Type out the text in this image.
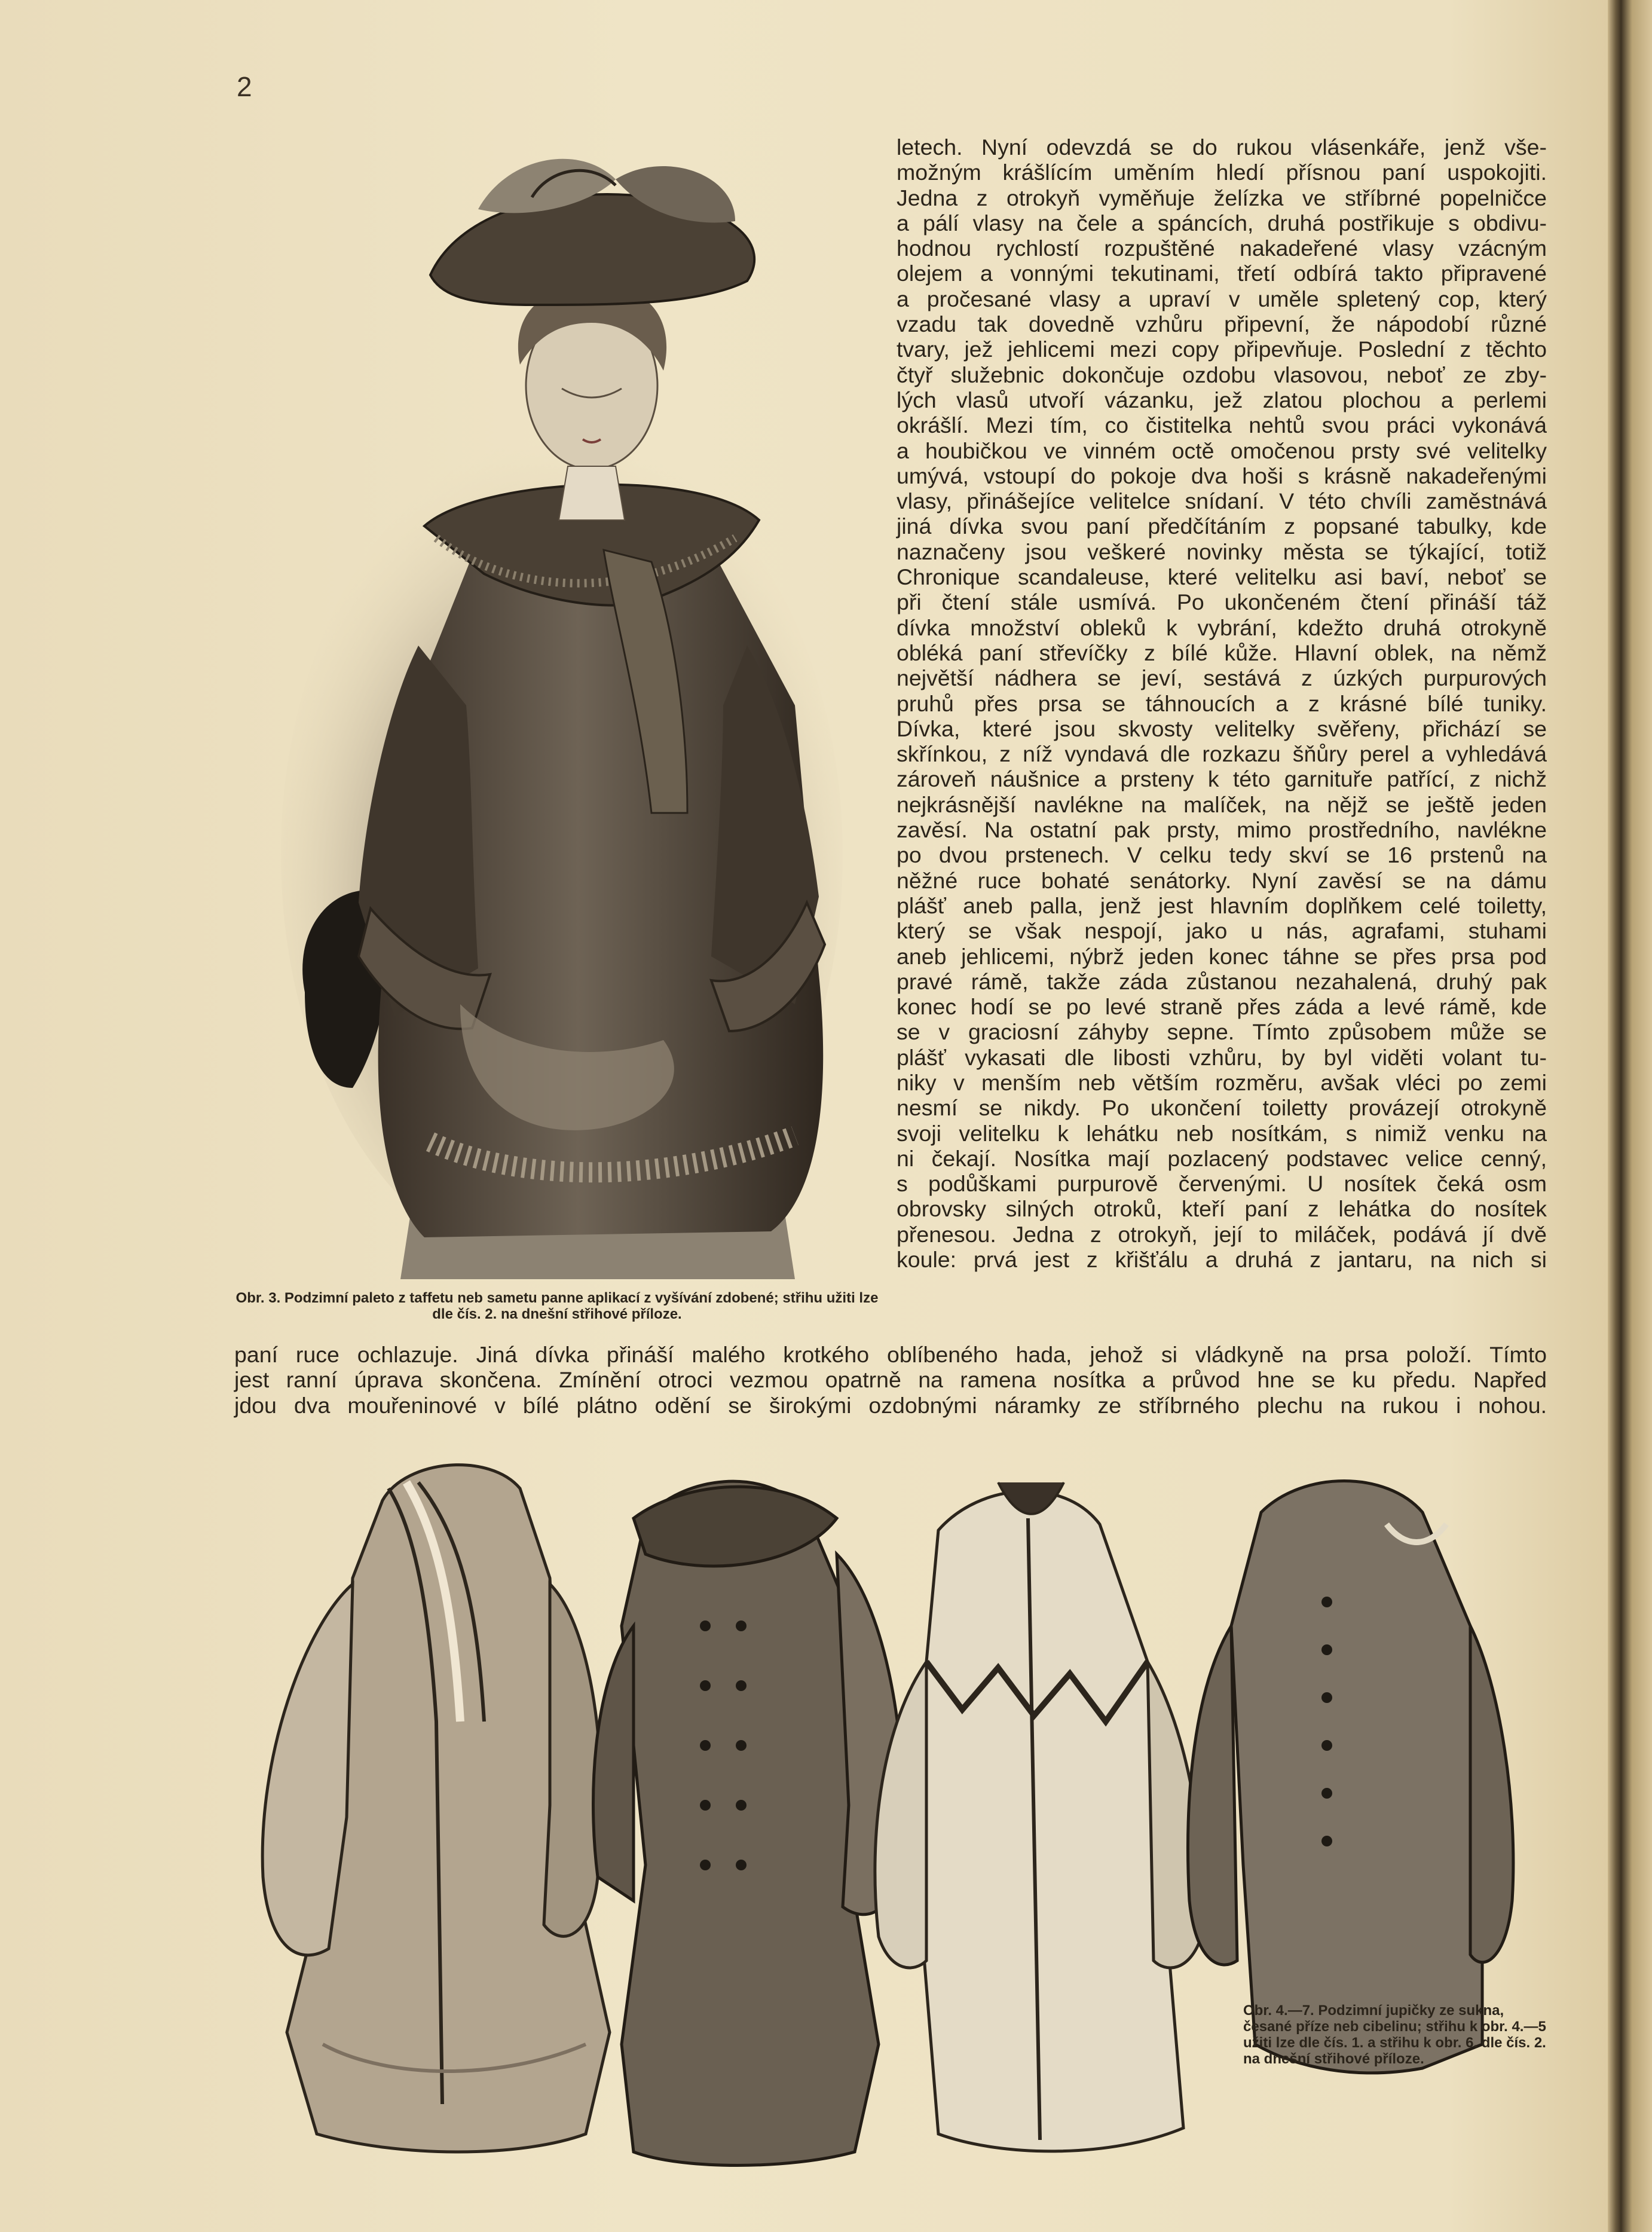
2

Obr. 3. Podzimní paleto z taffetu neb sametu panne aplikací z vyšívání zdobené; střihu užiti lze dle čís. 2. na dnešní střihové příloze.

letech. Nyní odevzdá se do rukou vlásenkáře, jenž vše-
možným krášlícím uměním hledí přísnou paní uspokojiti.
Jedna z otrokyň vyměňuje želízka ve stříbrné popelničce
a pálí vlasy na čele a spáncích, druhá postřikuje s obdivu-
hodnou rychlostí rozpuštěné nakadeřené vlasy vzácným
olejem a vonnými tekutinami, třetí odbírá takto připravené
a pročesané vlasy a upraví v uměle spletený cop, který
vzadu tak dovedně vzhůru připevní, že nápodobí různé
tvary, jež jehlicemi mezi copy připevňuje. Poslední z těchto
čtyř služebnic dokončuje ozdobu vlasovou, neboť ze zby-
lých vlasů utvoří vázanku, jež zlatou plochou a perlemi
okrášlí. Mezi tím, co čistitelka nehtů svou práci vykonává
a houbičkou ve vinném octě omočenou prsty své velitelky
umývá, vstoupí do pokoje dva hoši s krásně nakadeřenými
vlasy, přinášejíce velitelce snídaní. V této chvíli zaměstnává
jiná dívka svou paní předčítáním z popsané tabulky, kde
naznačeny jsou veškeré novinky města se týkající, totiž
Chronique scandaleuse, které velitelku asi baví, neboť se
při čtení stále usmívá. Po ukončeném čtení přináší táž
dívka množství obleků k vybrání, kdežto druhá otrokyně
obléká paní střevíčky z bílé kůže. Hlavní oblek, na němž
největší nádhera se jeví, sestává z úzkých purpurových
pruhů přes prsa se táhnoucích a z krásné bílé tuniky.
Dívka, které jsou skvosty velitelky svěřeny, přichází se
skřínkou, z níž vyndavá dle rozkazu šňůry perel a vyhledává
zároveň náušnice a prsteny k této garnituře patřící, z nichž
nejkrásnější navlékne na malíček, na nějž se ještě jeden
zavěsí. Na ostatní pak prsty, mimo prostředního, navlékne
po dvou prstenech. V celku tedy skví se 16 prstenů na
něžné ruce bohaté senátorky. Nyní zavěsí se na dámu
plášť aneb palla, jenž jest hlavním doplňkem celé toiletty,
který se však nespojí, jako u nás, agrafami, stuhami
aneb jehlicemi, nýbrž jeden konec táhne se přes prsa pod
pravé rámě, takže záda zůstanou nezahalená, druhý pak
konec hodí se po levé straně přes záda a levé rámě, kde
se v graciosní záhyby sepne. Tímto způsobem může se
plášť vykasati dle libosti vzhůru, by byl viděti volant tu-
niky v menším neb větším rozměru, avšak vléci po zemi
nesmí se nikdy. Po ukončení toiletty provázejí otrokyně
svoji velitelku k lehátku neb nosítkám, s nimiž venku na
ni čekají. Nosítka mají pozlacený podstavec velice cenný,
s podůškami purpurově červenými. U nosítek čeká osm
obrovsky silných otroků, kteří paní z lehátka do nosítek
přenesou. Jedna z otrokyň, její to miláček, podává jí dvě
koule: prvá jest z křišťálu a druhá z jantaru, na nich si
paní ruce ochlazuje. Jiná dívka přináší malého krotkého oblíbeného hada, jehož si vládkyně na prsa položí. Tímto
jest ranní úprava skončena. Zmínění otroci vezmou opatrně na ramena nosítka a průvod hne se ku předu. Napřed
jdou dva mouřeninové v bílé plátno odění se širokými ozdobnými náramky ze stříbrného plechu na rukou i nohou.

Obr. 4.—7. Podzimní jupičky ze sukna, česané příze neb cibelinu; střihu k obr. 4.—5 užiti lze dle čís. 1. a střihu k obr. 6. dle čís. 2. na dnešní střihové příloze.
